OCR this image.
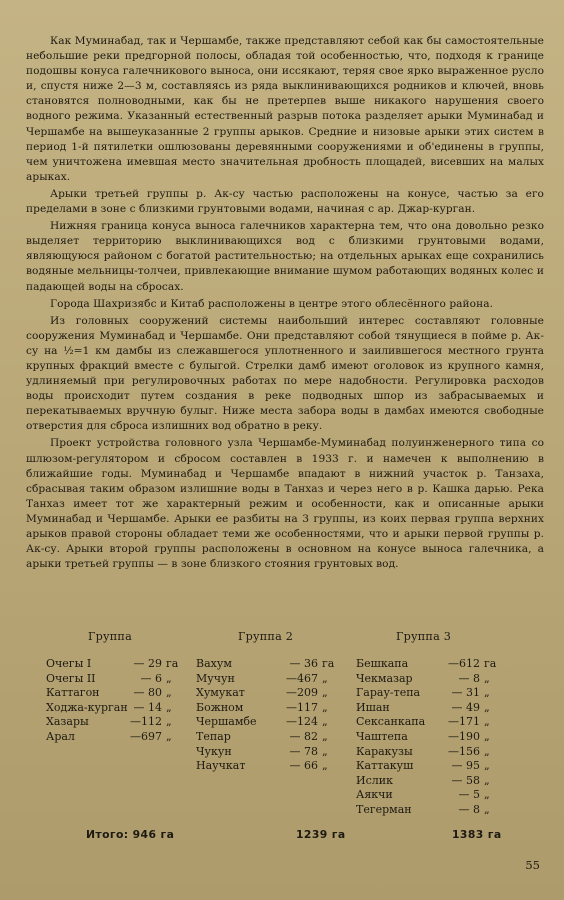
Как Муминабад, так и Чершамбе, также представляют себой как бы самостоятельные небольшие реки предгорной полосы, обладая той особенностью, что, подходя к границе подошвы конуса галечникового выноса, они иссякают, теряя свое ярко выраженное русло и, спустя ниже 2—3 м, составляясь из ряда выклинивающихся родников и ключей, вновь становятся полноводными, как бы не претерпев выше никакого нарушения своего водного режима. Указанный естественный разрыв потока разделяет арыки Муминабад и Чершамбе на вышеуказанные 2 группы арыков. Средние и низовые арыки этих систем в период 1-й пятилетки ошлюзованы деревянными сооружениями и об'единены в группы, чем уничтожена имевшая место значительная дробность площадей, висевших на малых арыках.

Арыки третьей группы р. Ак-су частью расположены на конусе, частью за его пределами в зоне с близкими грунтовыми водами, начиная с ар. Джар-курган.

Нижняя граница конуса выноса галечников характерна тем, что она довольно резко выделяет территорию выклинивающихся вод с близкими грунтовыми водами, являющуюся районом с богатой растительностью; на отдельных арыках еще сохранились водяные мельницы-толчеи, привлекающие внимание шумом работающих водяных колес и падающей воды на сбросах.

Города Шахризябс и Китаб расположены в центре этого облесённого района.

Из головных сооружений системы наибольший интерес составляют головные сооружения Муминабад и Чершамбе. Они представляют собой тянущиеся в пойме р. Ак-су на ½=1 км дамбы из слежавшегося уплотненного и заилившегося местного грунта крупных фракций вместе с булыгой. Стрелки дамб имеют оголовок из крупного камня, удлиняемый при регулировочных работах по мере надобности. Регулировка расходов воды происходит путем создания в реке подводных шпор из забрасываемых и перекатываемых вручную булыг. Ниже места забора воды в дамбах имеются свободные отверстия для сброса излишних вод обратно в реку.

Проект устройства головного узла Чершамбе-Муминабад полуинженерного типа со шлюзом-регулятором и сбросом составлен в 1933 г. и намечен к выполнению в ближайшие годы. Муминабад и Чершамбе впадают в нижний участок р. Танзаха, сбрасывая таким образом излишние воды в Танхаз и через него в р. Кашка дарью. Река Танхаз имеет тот же характерный режим и особенности, как и описанные арыки Муминабад и Чершамбе. Арыки ее разбиты на 3 группы, из коих первая группа верхних арыков правой стороны обладает теми же особенностями, что и арыки первой группы р. Ак-су. Арыки второй группы расположены в основном на конусе выноса галечника, а арыки третьей группы — в зоне близкого стояния грунтовых вод.

Группа
Очегы I	— 29 га
Очегы II	— 6 „
Каттагон	— 80 „
Ходжа-курган — 14 „
Хазары	—112 „
Арал	—697 „
Группа 2
Вахум	— 36 га
Мучун	—467 „
Хумукат	—209 „
Божном	—117 „
Чершамбе	—124 „
Тепар	— 82 „
Чукун	— 78 „
Научкат	— 66 „
Группа 3
Бешкапа	—612 га
Чекмазар	— 8 „
Гарау-тепа	— 31 „
Ишан	— 49 „
Сексанкапа	—171 „
Чаштепа	—190 „
Каракузы	—156 „
Каттакуш	— 95 „
Ислик	— 58 „
Аякчи	— 5 „
Тегерман	— 8 „
Итого: 946 га	1239 га	1383 га
55
